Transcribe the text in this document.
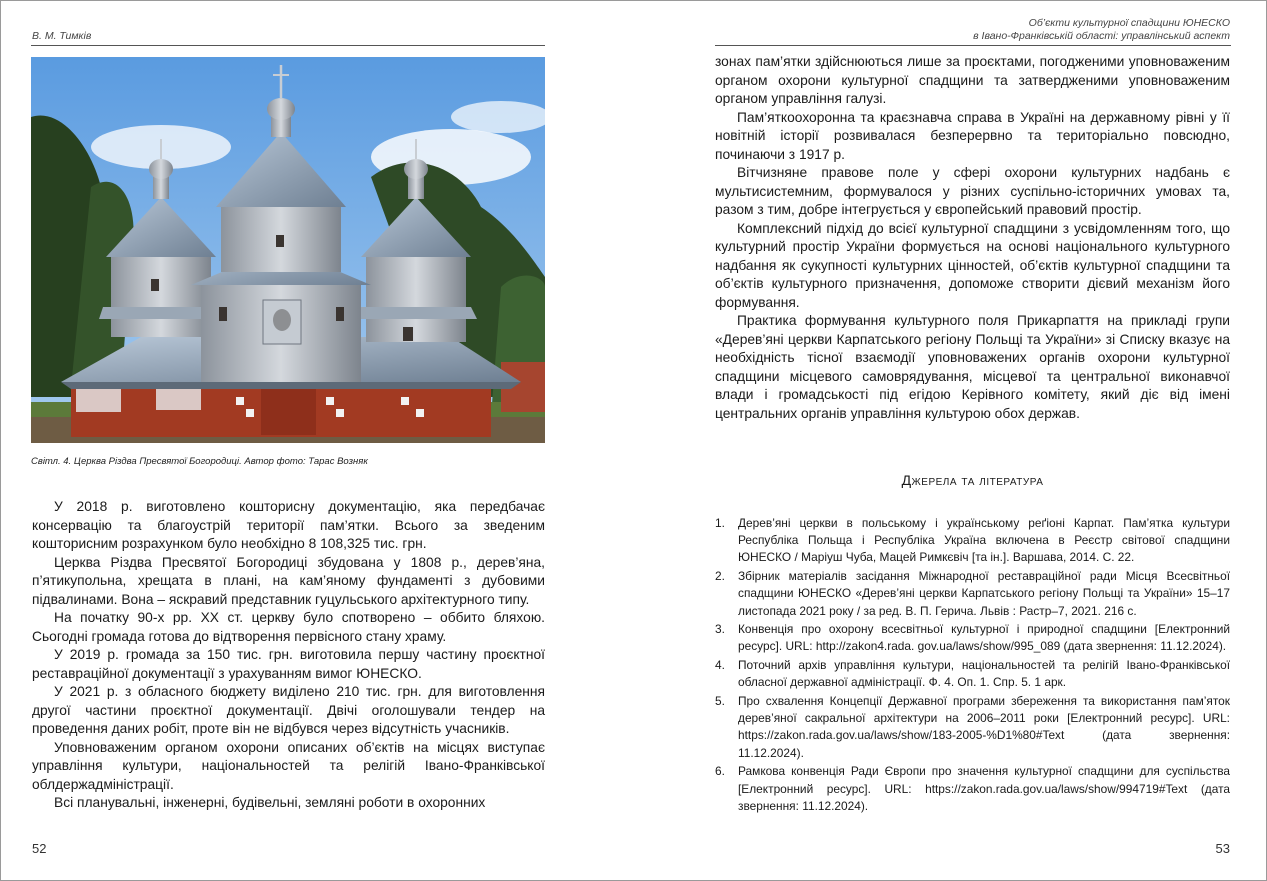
В. М. Тимків
Об’єкти культурної спадщини ЮНЕСКО
в Івано-Франківській області: управлінський аспект
Світл. 4. Церква Різдва Пресвятої Богородиці. Автор фото: Тарас Возняк

У 2018 р. виготовлено кошторисну документацію, яка передбачає консервацію та благоустрій території пам’ятки. Всього за зведеним кошторисним розрахунком було необхідно 8 108,325 тис. грн.

Церква Різдва Пресвятої Богородиці збудована у 1808 р., дерев’яна, п’ятикупольна, хрещата в плані, на кам’яному фундаменті з дубовими підвалинами. Вона – яскравий представник гуцульського архітектурного типу.

На початку 90-х рр. XX ст. церкву було спотворено – оббито бляхою. Сьогодні громада готова до відтворення первісного стану храму.

У 2019 р. громада за 150 тис. грн. виготовила першу частину проєктної реставраційної документації з урахуванням вимог ЮНЕСКО.

У 2021 р. з обласного бюджету виділено 210 тис. грн. для виготовлення другої частини проєктної документації. Двічі оголошували тендер на проведення даних робіт, проте він не відбувся через відсутність учасників.

Уповноваженим органом охорони описаних об’єктів на місцях виступає управління культури, національностей та релігій Івано-Франківської облдержадміністрації.

Всі планувальні, інженерні, будівельні, земляні роботи в охоронних

зонах пам’ятки здійснюються лише за проєктами, погодженими уповноваженим органом охорони культурної спадщини та затвердженими уповноваженим органом управління галузі.

Пам’яткоохоронна та краєзнавча справа в Україні на державному рівні у її новітній історії розвивалася безперервно та територіально повсюдно, починаючи з 1917 р.

Вітчизняне правове поле у сфері охорони культурних надбань є мультисистемним, формувалося у різних суспільно-історичних умовах та, разом з тим, добре інтегрується у європейський правовий простір.

Комплексний підхід до всієї культурної спадщини з усвідомленням того, що культурний простір України формується на основі національного культурного надбання як сукупності культурних цінностей, об’єктів культурної спадщини та об’єктів культурного призначення, допоможе створити дієвий механізм його формування.

Практика формування культурного поля Прикарпаття на прикладі групи «Дерев’яні церкви Карпатського регіону Польщі та України» зі Списку вказує на необхідність тісної взаємодії уповноважених органів охорони культурної спадщини місцевого самоврядування, місцевої та центральної виконавчої влади і громадськості під егідою Керівного комітету, який діє від імені центральних органів управління культурою обох держав.

Джерела та література
1. Дерев’яні церкви в польському і українському реґіоні Карпат. Пам’ятка культури Республіка Польща і Республіка Україна включена в Реєстр світової спадщини ЮНЕСКО / Маріуш Чуба, Мацей Римкєвіч [та ін.]. Варшава, 2014. С. 22.
2. Збірник матеріалів засідання Міжнародної реставраційної ради Місця Всесвітньої спадщини ЮНЕСКО «Дерев’яні церкви Карпатського регіону Польщі та України» 15–17 листопада 2021 року / за ред. В. П. Герича. Львів : Растр–7, 2021. 216 с.
3. Конвенція про охорону всесвітньої культурної і природної спадщини [Електронний ресурс]. URL: http://zakon4.rada. gov.ua/laws/show/995_089 (дата звернення: 11.12.2024).
4. Поточний архів управління культури, національностей та релігій Івано-Франківської обласної державної адміністрації. Ф. 4. Оп. 1. Спр. 5. 1 арк.
5. Про схвалення Концепції Державної програми збереження та використання пам’яток дерев’яної сакральної архітектури на 2006–2011 роки [Електронний ресурс]. URL: https://zakon.rada.gov.ua/laws/show/183-2005-%D1%80#Text (дата звернення: 11.12.2024).
6. Рамкова конвенція Ради Європи про значення культурної спадщини для суспільства [Електронний ресурс]. URL: https://zakon.rada.gov.ua/laws/show/994719#Text (дата звернення: 11.12.2024).
52	53
